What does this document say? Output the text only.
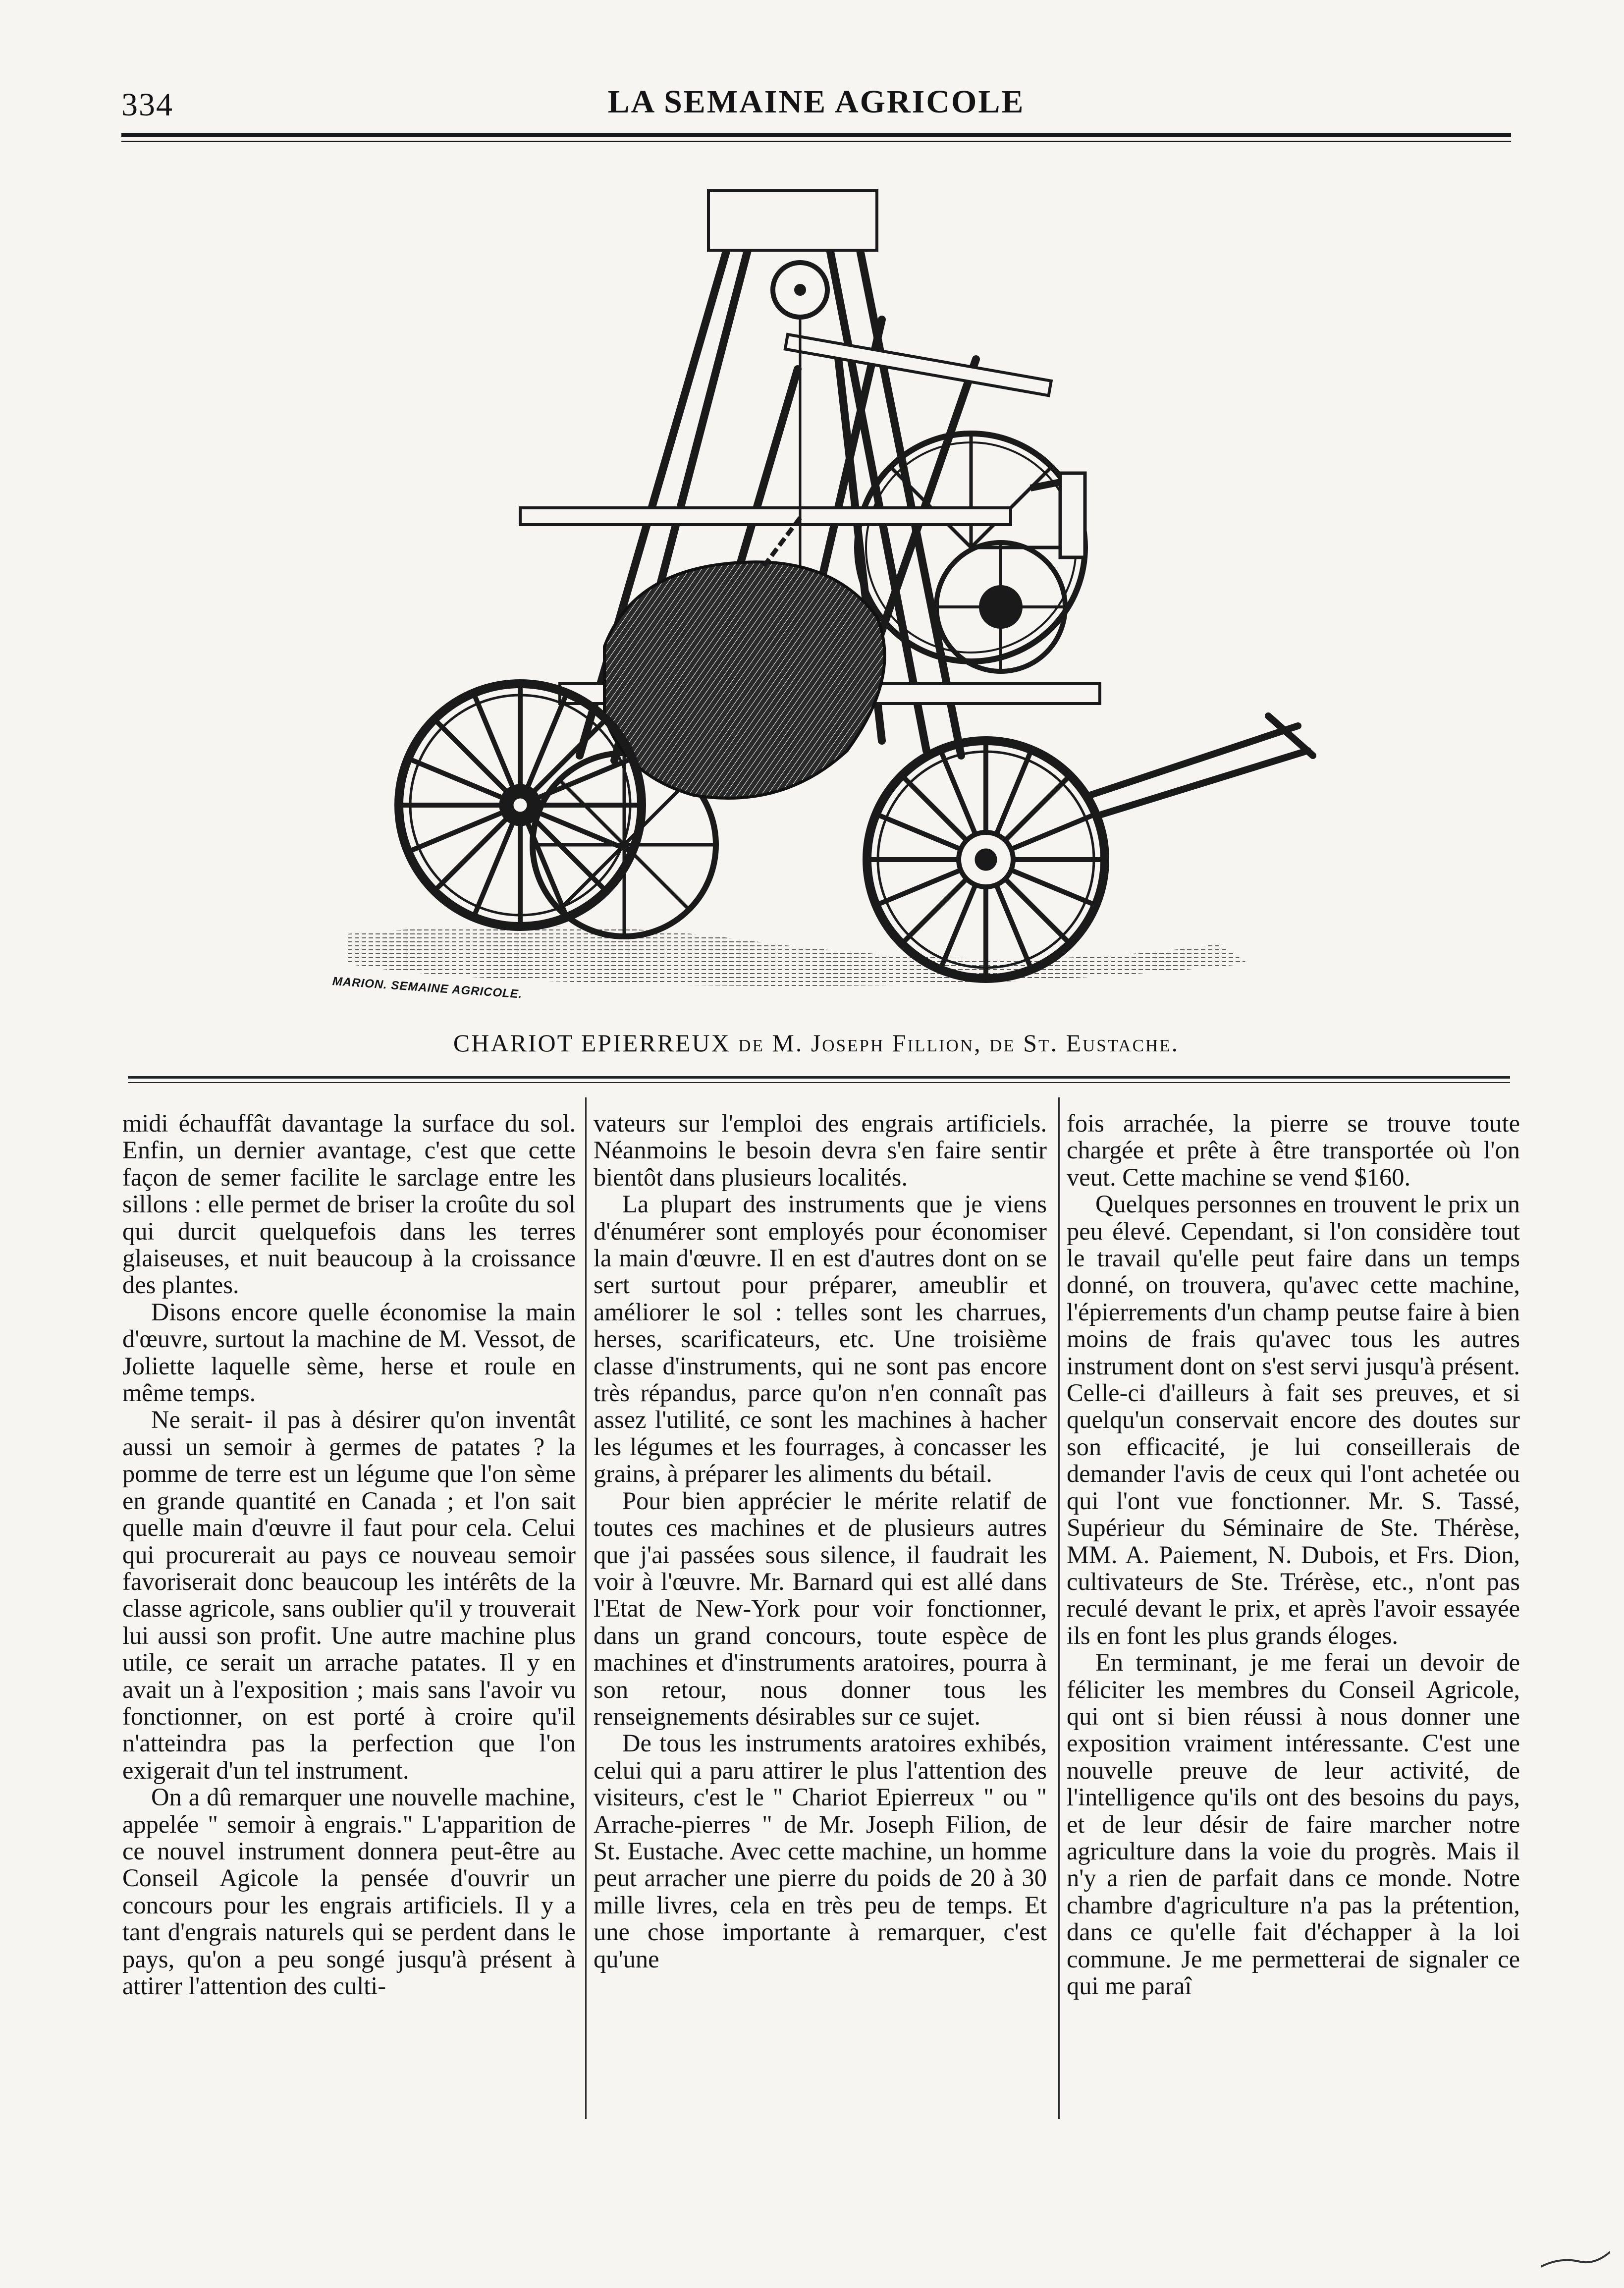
334	LA SEMAINE AGRICOLE
MARION. SEMAINE AGRICOLE.
CHARIOT EPIERREUX de M. Joseph Fillion, de St. Eustache.

midi échauffât davantage la surface du sol. Enfin, un dernier avantage, c'est que cette façon de semer facilite le sarclage entre les sillons : elle permet de briser la croûte du sol qui durcit quelquefois dans les terres glaiseuses, et nuit beaucoup à la croissance des plantes.

Disons encore quelle économise la main d'œuvre, surtout la machine de M. Vessot, de Joliette laquelle sème, herse et roule en même temps.

Ne serait- il pas à désirer qu'on inventât aussi un semoir à germes de patates ? la pomme de terre est un légume que l'on sème en grande quantité en Canada ; et l'on sait quelle main d'œuvre il faut pour cela. Celui qui procurerait au pays ce nouveau semoir favoriserait donc beaucoup les intérêts de la classe agricole, sans oublier qu'il y trouverait lui aussi son profit. Une autre machine plus utile, ce serait un arrache patates. Il y en avait un à l'exposition ; mais sans l'avoir vu fonctionner, on est porté à croire qu'il n'atteindra pas la perfection que l'on exigerait d'un tel instrument.

On a dû remarquer une nouvelle machine, appelée " semoir à engrais." L'apparition de ce nouvel instrument donnera peut-être au Conseil Agicole la pensée d'ouvrir un concours pour les engrais artificiels. Il y a tant d'engrais naturels qui se perdent dans le pays, qu'on a peu songé jusqu'à présent à attirer l'attention des culti-

vateurs sur l'emploi des engrais artificiels. Néanmoins le besoin devra s'en faire sentir bientôt dans plusieurs localités.

La plupart des instruments que je viens d'énumérer sont employés pour économiser la main d'œuvre. Il en est d'autres dont on se sert surtout pour préparer, ameublir et améliorer le sol : telles sont les charrues, herses, scarificateurs, etc. Une troisième classe d'instruments, qui ne sont pas encore très répandus, parce qu'on n'en connaît pas assez l'utilité, ce sont les machines à hacher les légumes et les fourrages, à concasser les grains, à préparer les aliments du bétail.

Pour bien apprécier le mérite relatif de toutes ces machines et de plusieurs autres que j'ai passées sous silence, il faudrait les voir à l'œuvre. Mr. Barnard qui est allé dans l'Etat de New-York pour voir fonctionner, dans un grand concours, toute espèce de machines et d'instruments aratoires, pourra à son retour, nous donner tous les renseignements désirables sur ce sujet.

De tous les instruments aratoires exhibés, celui qui a paru attirer le plus l'attention des visiteurs, c'est le " Chariot Epierreux " ou " Arrache-pierres " de Mr. Joseph Filion, de St. Eustache. Avec cette machine, un homme peut arracher une pierre du poids de 20 à 30 mille livres, cela en très peu de temps. Et une chose importante à remarquer, c'est qu'une

fois arrachée, la pierre se trouve toute chargée et prête à être transportée où l'on veut. Cette machine se vend $160.

Quelques personnes en trouvent le prix un peu élevé. Cependant, si l'on considère tout le travail qu'elle peut faire dans un temps donné, on trouvera, qu'avec cette machine, l'épierrements d'un champ peutse faire à bien moins de frais qu'avec tous les autres instrument dont on s'est servi jusqu'à présent. Celle-ci d'ailleurs à fait ses preuves, et si quelqu'un conservait encore des doutes sur son efficacité, je lui conseillerais de demander l'avis de ceux qui l'ont achetée ou qui l'ont vue fonctionner. Mr. S. Tassé, Supérieur du Séminaire de Ste. Thérèse, MM. A. Paiement, N. Dubois, et Frs. Dion, cultivateurs de Ste. Trérèse, etc., n'ont pas reculé devant le prix, et après l'avoir essayée ils en font les plus grands éloges.

En terminant, je me ferai un devoir de féliciter les membres du Conseil Agricole, qui ont si bien réussi à nous donner une exposition vraiment intéressante. C'est une nouvelle preuve de leur activité, de l'intelligence qu'ils ont des besoins du pays, et de leur désir de faire marcher notre agriculture dans la voie du progrès. Mais il n'y a rien de parfait dans ce monde. Notre chambre d'agriculture n'a pas la prétention, dans ce qu'elle fait d'échapper à la loi commune. Je me permetterai de signaler ce qui me paraî
